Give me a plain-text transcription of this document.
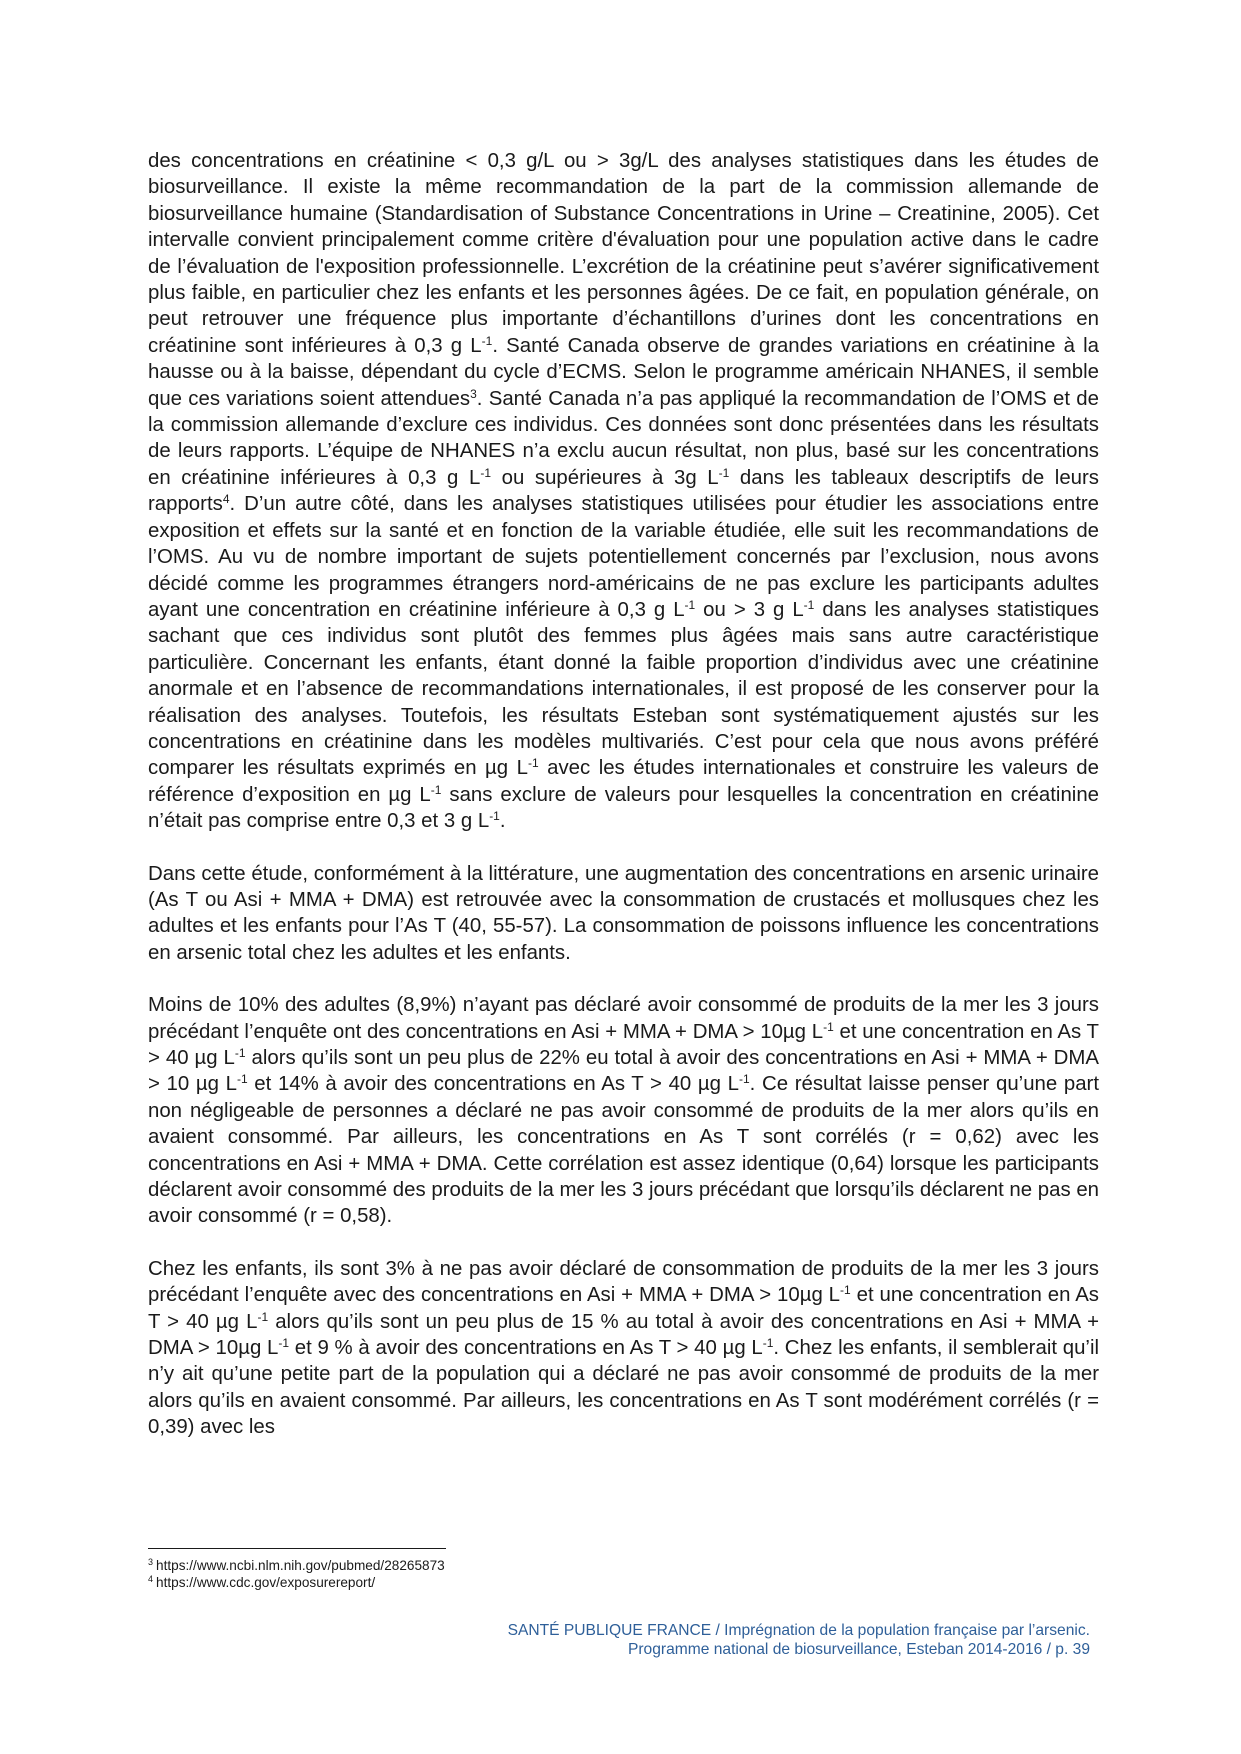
des concentrations en créatinine < 0,3 g/L ou > 3g/L des analyses statistiques dans les études de biosurveillance. Il existe la même recommandation de la part de la commission allemande de biosurveillance humaine (Standardisation of Substance Concentrations in Urine – Creatinine, 2005). Cet intervalle convient principalement comme critère d'évaluation pour une population active dans le cadre de l’évaluation de l'exposition professionnelle. L’excrétion de la créatinine peut s’avérer significativement plus faible, en particulier chez les enfants et les personnes âgées. De ce fait, en population générale, on peut retrouver une fréquence plus importante d’échantillons d’urines dont les concentrations en créatinine sont inférieures à 0,3 g $L^{-1}$. Santé Canada observe de grandes variations en créatinine à la hausse ou à la baisse, dépendant du cycle d’ECMS. Selon le programme américain NHANES, il semble que ces variations soient attendues$^3$. Santé Canada n’a pas appliqué la recommandation de l’OMS et de la commission allemande d’exclure ces individus. Ces données sont donc présentées dans les résultats de leurs rapports. L’équipe de NHANES n’a exclu aucun résultat, non plus, basé sur les concentrations en créatinine inférieures à 0,3 g $L^{-1}$ ou supérieures à 3g $L^{-1}$ dans les tableaux descriptifs de leurs rapports$^4$. D’un autre côté, dans les analyses statistiques utilisées pour étudier les associations entre exposition et effets sur la santé et en fonction de la variable étudiée, elle suit les recommandations de l’OMS. Au vu de nombre important de sujets potentiellement concernés par l’exclusion, nous avons décidé comme les programmes étrangers nord-américains de ne pas exclure les participants adultes ayant une concentration en créatinine inférieure à 0,3 g $L^{-1}$ ou > 3 g $L^{-1}$ dans les analyses statistiques sachant que ces individus sont plutôt des femmes plus âgées mais sans autre caractéristique particulière. Concernant les enfants, étant donné la faible proportion d’individus avec une créatinine anormale et en l’absence de recommandations internationales, il est proposé de les conserver pour la réalisation des analyses. Toutefois, les résultats Esteban sont systématiquement ajustés sur les concentrations en créatinine dans les modèles multivariés. C’est pour cela que nous avons préféré comparer les résultats exprimés en µg $L^{-1}$ avec les études internationales et construire les valeurs de référence d’exposition en µg $L^{-1}$ sans exclure de valeurs pour lesquelles la concentration en créatinine n’était pas comprise entre 0,3 et 3 g $L^{-1}$.

Dans cette étude, conformément à la littérature, une augmentation des concentrations en arsenic urinaire (As T ou Asi + MMA + DMA) est retrouvée avec la consommation de crustacés et mollusques chez les adultes et les enfants pour l’As T (40, 55-57). La consommation de poissons influence les concentrations en arsenic total chez les adultes et les enfants.

Moins de 10% des adultes (8,9%) n’ayant pas déclaré avoir consommé de produits de la mer les 3 jours précédant l’enquête ont des concentrations en Asi + MMA + DMA > 10µg $L^{-1}$ et une concentration en As T > 40 µg $L^{-1}$ alors qu’ils sont un peu plus de 22% eu total à avoir des concentrations en Asi + MMA + DMA > 10 µg $L^{-1}$ et 14% à avoir des concentrations en As T > 40 µg $L^{-1}$. Ce résultat laisse penser qu’une part non négligeable de personnes a déclaré ne pas avoir consommé de produits de la mer alors qu’ils en avaient consommé. Par ailleurs, les concentrations en As T sont corrélés (r = 0,62) avec les concentrations en Asi + MMA + DMA. Cette corrélation est assez identique (0,64) lorsque les participants déclarent avoir consommé des produits de la mer les 3 jours précédant que lorsqu’ils déclarent ne pas en avoir consommé (r = 0,58).

Chez les enfants, ils sont 3% à ne pas avoir déclaré de consommation de produits de la mer les 3 jours précédant l’enquête avec des concentrations en Asi + MMA + DMA > 10µg $L^{-1}$ et une concentration en As T > 40 µg $L^{-1}$ alors qu’ils sont un peu plus de 15 % au total à avoir des concentrations en Asi + MMA + DMA > 10µg $L^{-1}$ et 9 % à avoir des concentrations en As T > 40 µg $L^{-1}$. Chez les enfants, il semblerait qu’il n’y ait qu’une petite part de la population qui a déclaré ne pas avoir consommé de produits de la mer alors qu’ils en avaient consommé. Par ailleurs, les concentrations en As T sont modérément corrélés (r = 0,39) avec les

$^3$ https://www.ncbi.nlm.nih.gov/pubmed/28265873
$^4$ https://www.cdc.gov/exposurereport/
SANTÉ PUBLIQUE FRANCE / Imprégnation de la population française par l’arsenic.
Programme national de biosurveillance, Esteban 2014-2016 / p. 39
